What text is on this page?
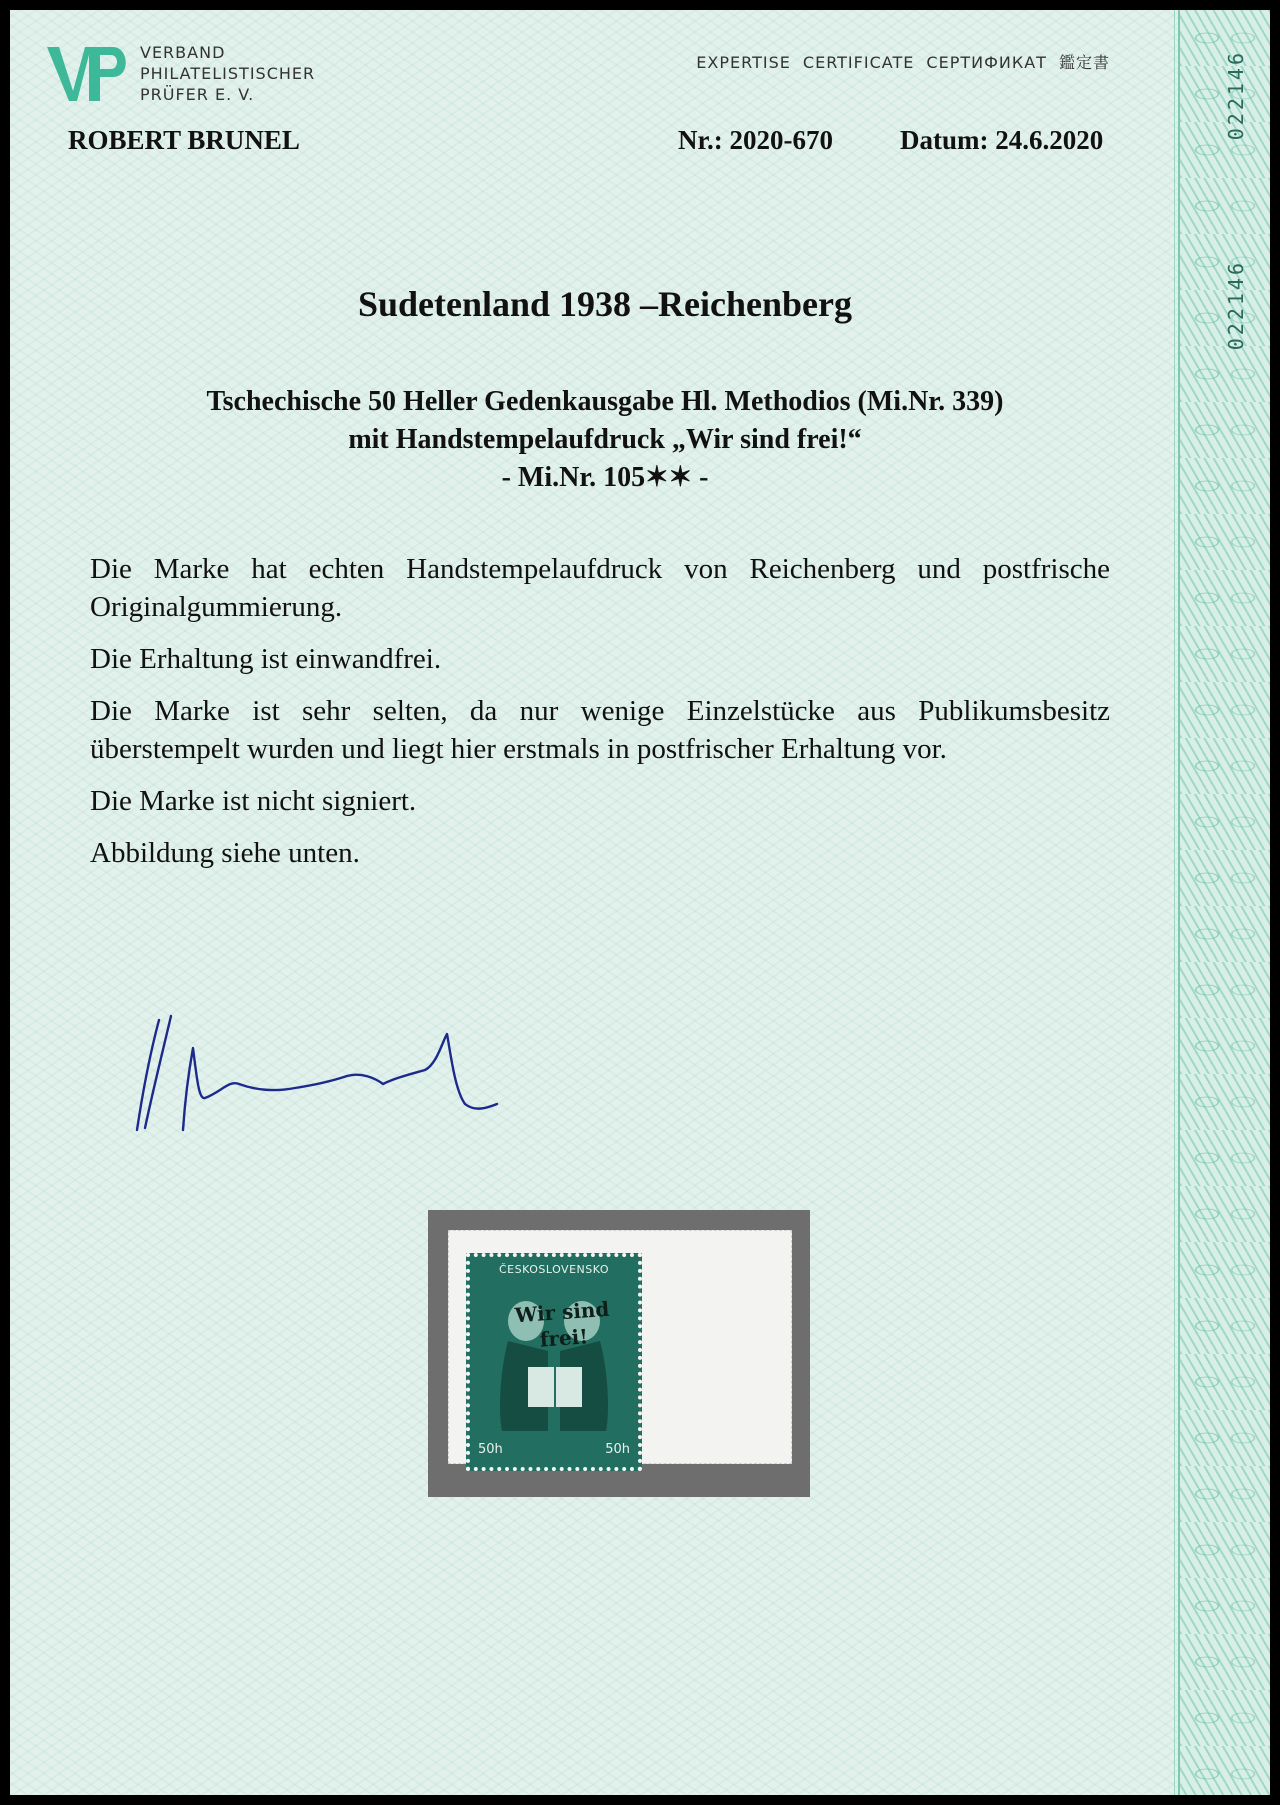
022146
022146
VERBAND
PHILATELISTISCHER
PRÜFER E. V.
EXPERTISE CERTIFICATE СЕРТИФИКАТ 鑑定書
ROBERT BRUNEL	Nr.: 2020-670 Datum: 24.6.2020
Sudetenland 1938 –Reichenberg
Tschechische 50 Heller Gedenkausgabe Hl. Methodios (Mi.Nr. 339)
mit Handstempelaufdruck „Wir sind frei!“
- Mi.Nr. 105✶✶ -

Die Marke hat echten Handstempelaufdruck von Reichenberg und postfrische Originalgummierung.

Die Erhaltung ist einwandfrei.

Die Marke ist sehr selten, da nur wenige Einzelstücke aus Publikumsbesitz überstempelt wurden und liegt hier erstmals in postfrischer Erhaltung vor.

Die Marke ist nicht signiert.

Abbildung siehe unten.

ČESKOSLOVENSKO
Wir sind
frei!
50h	50h
